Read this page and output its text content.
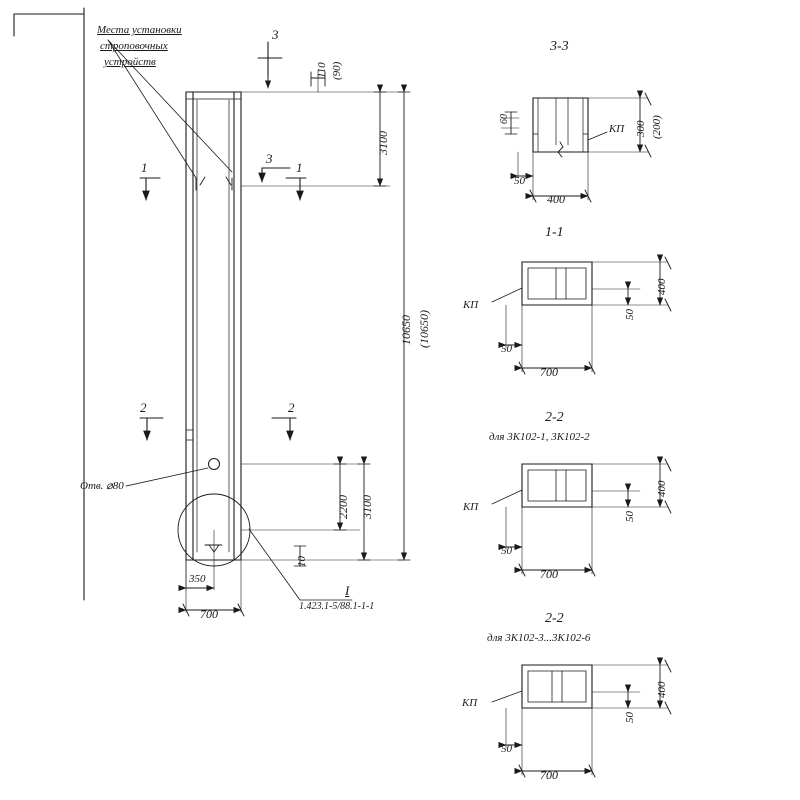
Места установки
строповочных
устройств
3
3
1	1
2	2
110 (90)
3100
10650 (10650)
2200 3100
10
Отв. ⌀80
350
700
I
1.423.1-5/88.1-1-1
3-3
КП 300 (200)
60
50
400
1-1
КП
400
50
50
700
2-2
для 3К102-1, 3К102-2
КП
400
50
50
700
2-2
для 3К102-3...3К102-6
КП
400
50
50
700
